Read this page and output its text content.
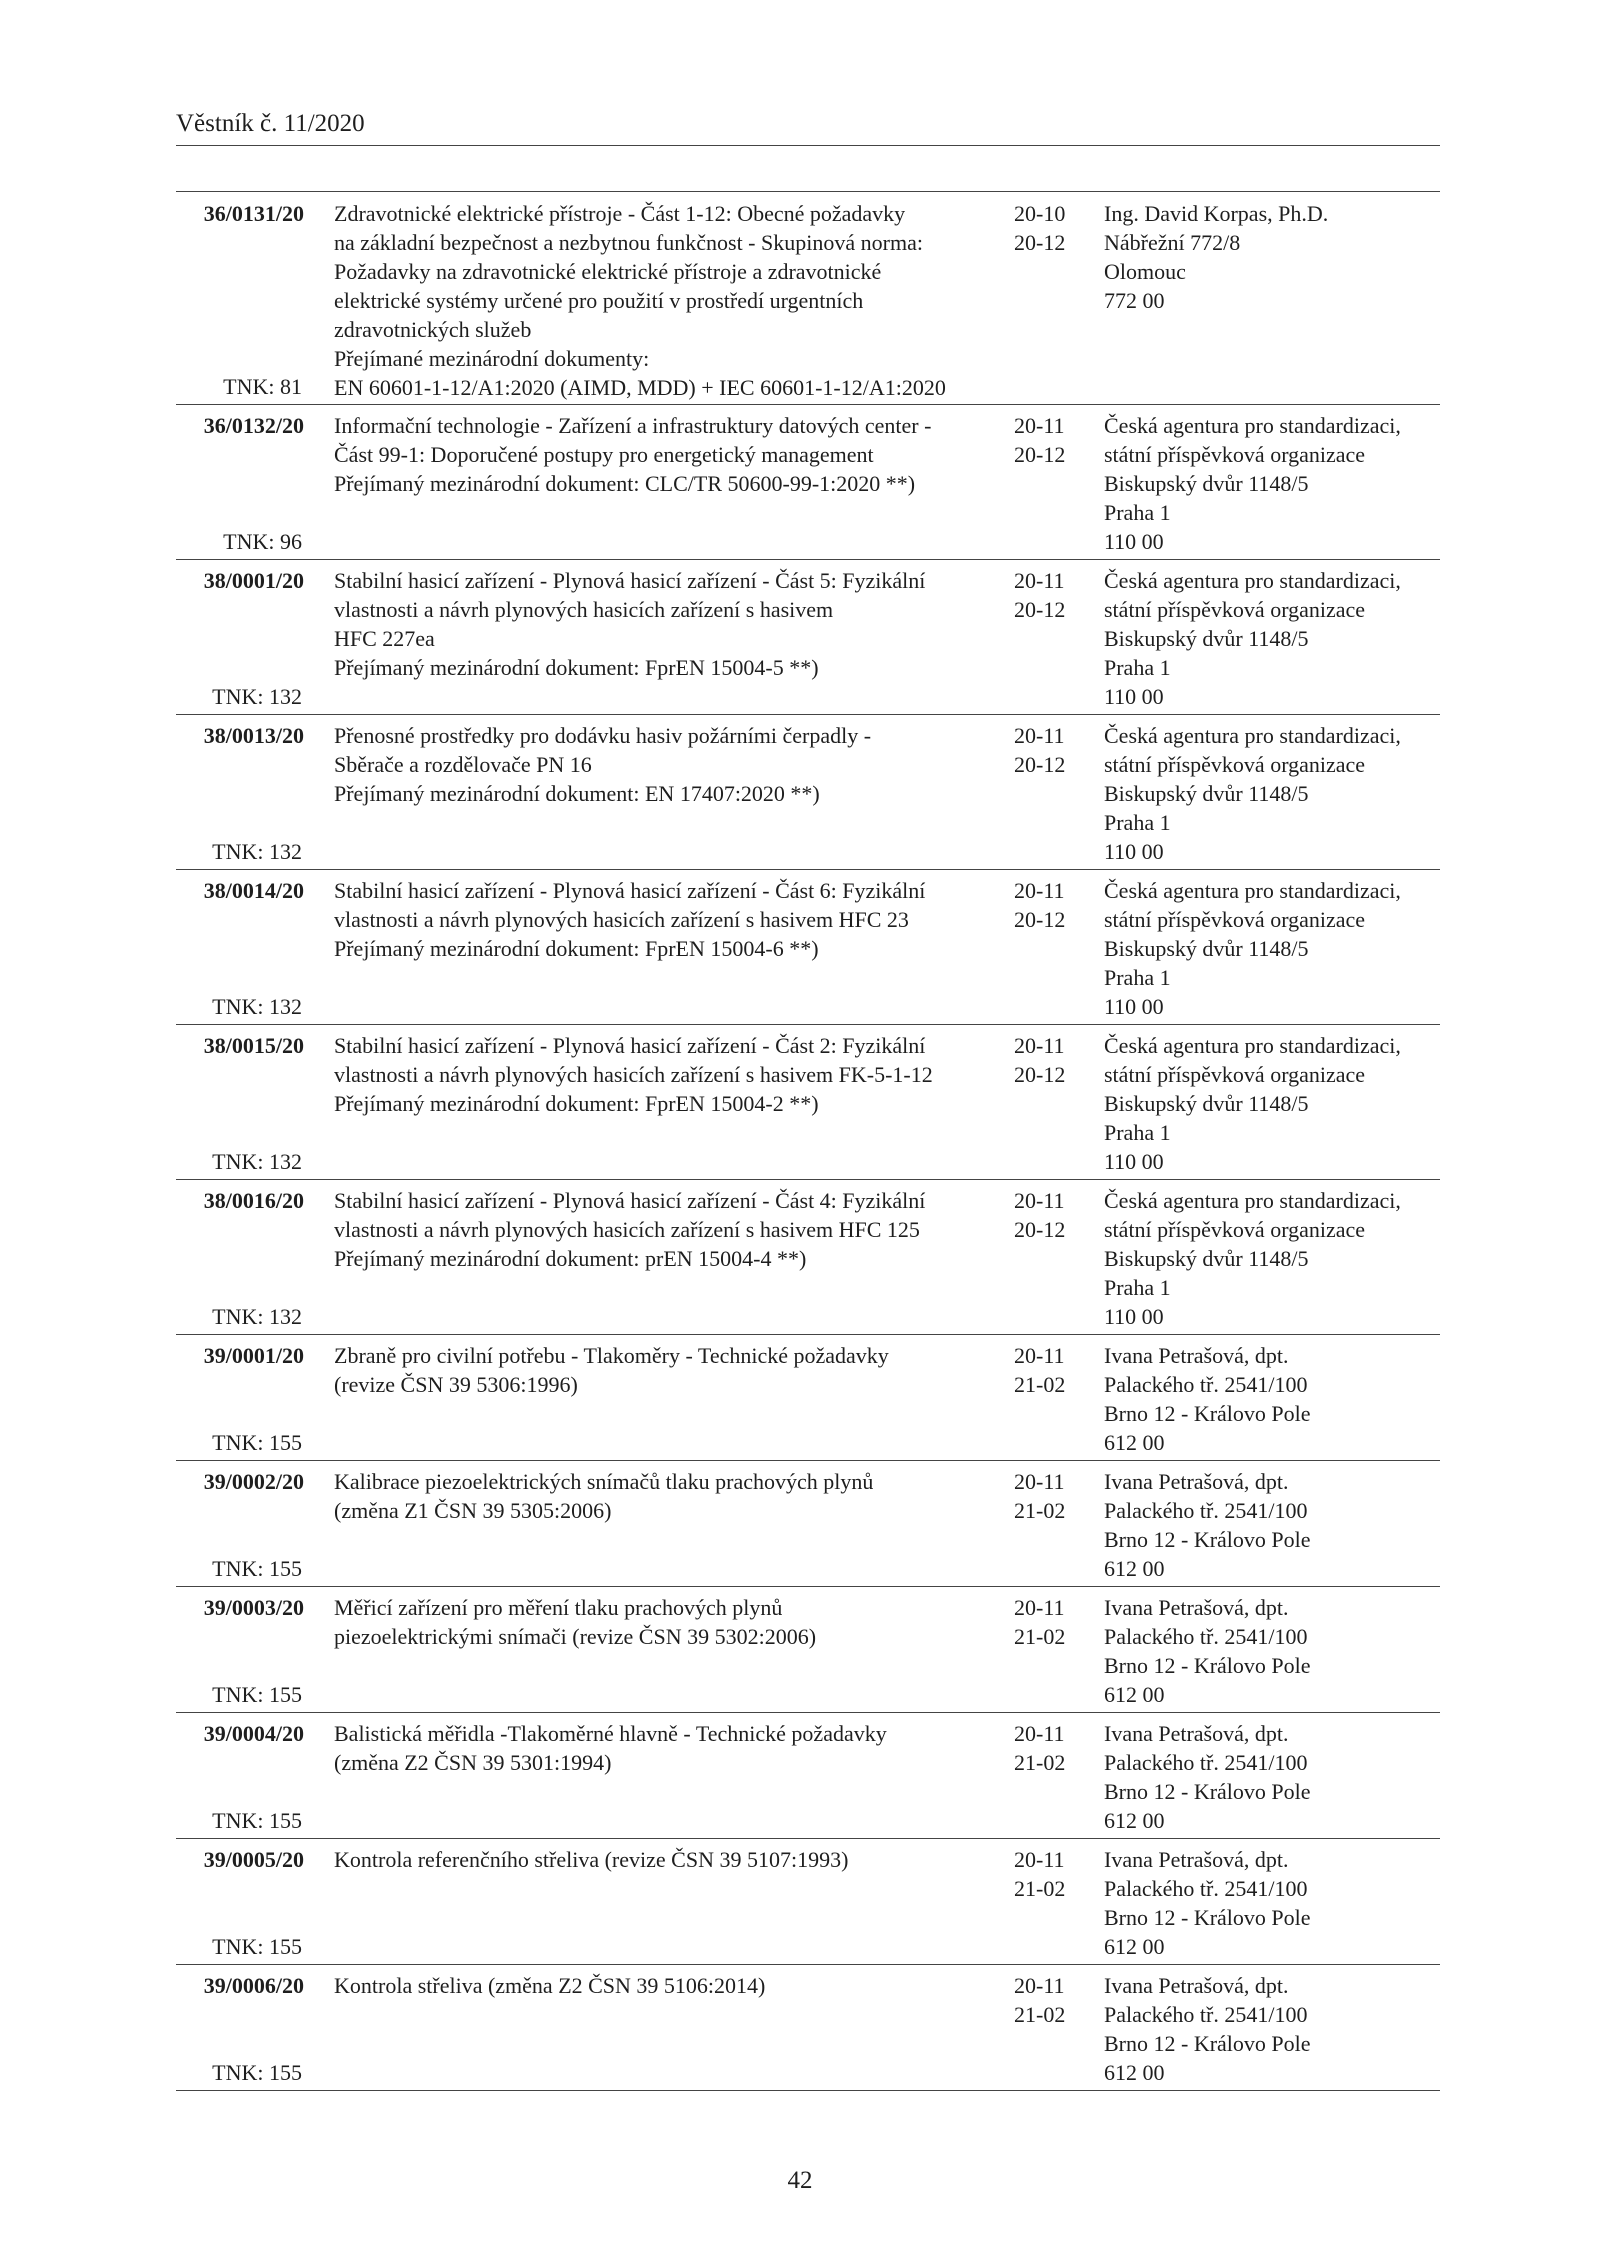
Věstník č. 11/2020
36/0131/20
TNK: 81
Zdravotnické elektrické přístroje - Část 1-12: Obecné požadavky
na základní bezpečnost a nezbytnou funkčnost - Skupinová norma:
Požadavky na zdravotnické elektrické přístroje a zdravotnické
elektrické systémy určené pro použití v prostředí urgentních
zdravotnických služeb
Přejímané mezinárodní dokumenty:
EN 60601-1-12/A1:2020 (AIMD, MDD) + IEC 60601-1-12/A1:2020
20-10
20-12
Ing. David Korpas, Ph.D.
Nábřežní 772/8
Olomouc
772 00
36/0132/20
TNK: 96
Informační technologie - Zařízení a infrastruktury datových center -
Část 99-1: Doporučené postupy pro energetický management
Přejímaný mezinárodní dokument: CLC/TR 50600-99-1:2020 **)
20-11
20-12
Česká agentura pro standardizaci,
státní příspěvková organizace
Biskupský dvůr 1148/5
Praha 1
110 00
38/0001/20
TNK: 132
Stabilní hasicí zařízení - Plynová hasicí zařízení - Část 5: Fyzikální
vlastnosti a návrh plynových hasicích zařízení s hasivem
HFC 227ea
Přejímaný mezinárodní dokument: FprEN 15004-5 **)
20-11
20-12
Česká agentura pro standardizaci,
státní příspěvková organizace
Biskupský dvůr 1148/5
Praha 1
110 00
38/0013/20
TNK: 132
Přenosné prostředky pro dodávku hasiv požárními čerpadly -
Sběrače a rozdělovače PN 16
Přejímaný mezinárodní dokument: EN 17407:2020 **)
20-11
20-12
Česká agentura pro standardizaci,
státní příspěvková organizace
Biskupský dvůr 1148/5
Praha 1
110 00
38/0014/20
TNK: 132
Stabilní hasicí zařízení - Plynová hasicí zařízení - Část 6: Fyzikální
vlastnosti a návrh plynových hasicích zařízení s hasivem HFC 23
Přejímaný mezinárodní dokument: FprEN 15004-6 **)
20-11
20-12
Česká agentura pro standardizaci,
státní příspěvková organizace
Biskupský dvůr 1148/5
Praha 1
110 00
38/0015/20
TNK: 132
Stabilní hasicí zařízení - Plynová hasicí zařízení - Část 2: Fyzikální
vlastnosti a návrh plynových hasicích zařízení s hasivem FK-5-1-12
Přejímaný mezinárodní dokument: FprEN 15004-2 **)
20-11
20-12
Česká agentura pro standardizaci,
státní příspěvková organizace
Biskupský dvůr 1148/5
Praha 1
110 00
38/0016/20
TNK: 132
Stabilní hasicí zařízení - Plynová hasicí zařízení - Část 4: Fyzikální
vlastnosti a návrh plynových hasicích zařízení s hasivem HFC 125
Přejímaný mezinárodní dokument: prEN 15004-4 **)
20-11
20-12
Česká agentura pro standardizaci,
státní příspěvková organizace
Biskupský dvůr 1148/5
Praha 1
110 00
39/0001/20
TNK: 155
Zbraně pro civilní potřebu - Tlakoměry - Technické požadavky
(revize ČSN 39 5306:1996)
20-11
21-02
Ivana Petrašová, dpt.
Palackého tř. 2541/100
Brno 12 - Královo Pole
612 00
39/0002/20
TNK: 155
Kalibrace piezoelektrických snímačů tlaku prachových plynů
(změna Z1 ČSN 39 5305:2006)
20-11
21-02
Ivana Petrašová, dpt.
Palackého tř. 2541/100
Brno 12 - Královo Pole
612 00
39/0003/20
TNK: 155
Měřicí zařízení pro měření tlaku prachových plynů
piezoelektrickými snímači (revize ČSN 39 5302:2006)
20-11
21-02
Ivana Petrašová, dpt.
Palackého tř. 2541/100
Brno 12 - Královo Pole
612 00
39/0004/20
TNK: 155
Balistická měřidla -Tlakoměrné hlavně - Technické požadavky
(změna Z2 ČSN 39 5301:1994)
20-11
21-02
Ivana Petrašová, dpt.
Palackého tř. 2541/100
Brno 12 - Královo Pole
612 00
39/0005/20
TNK: 155
Kontrola referenčního střeliva (revize ČSN 39 5107:1993)	20-11
21-02
Ivana Petrašová, dpt.
Palackého tř. 2541/100
Brno 12 - Královo Pole
612 00
39/0006/20
TNK: 155
Kontrola střeliva (změna Z2 ČSN 39 5106:2014)	20-11
21-02
Ivana Petrašová, dpt.
Palackého tř. 2541/100
Brno 12 - Královo Pole
612 00
42
